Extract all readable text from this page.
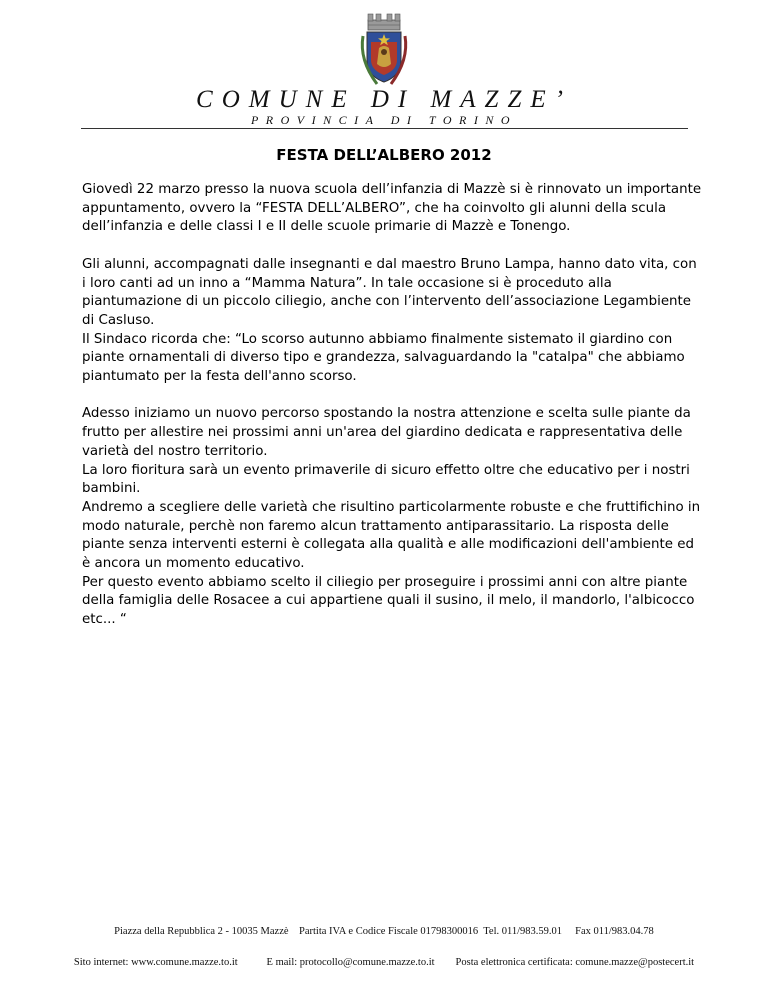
COMUNE DI MAZZE’
PROVINCIA DI TORINO
FESTA DELL’ALBERO 2012

Giovedì 22 marzo presso la nuova scuola dell’infanzia di Mazzè si è rinnovato un importante appuntamento, ovvero la “FESTA DELL’ALBERO”, che ha coinvolto gli alunni della scula dell’infanzia e delle classi I e II delle scuole primarie di Mazzè e Tonengo.

Gli alunni, accompagnati dalle insegnanti e dal maestro Bruno Lampa, hanno dato vita, con i loro canti ad un inno a “Mamma Natura”. In tale occasione si è proceduto alla piantumazione di un piccolo ciliegio, anche con l’intervento dell’associazione Legambiente di Casluso.
Il Sindaco ricorda che: “Lo scorso autunno abbiamo finalmente sistemato il giardino con piante ornamentali di diverso tipo e grandezza, salvaguardando la "catalpa" che abbiamo piantumato per la festa dell'anno scorso.

Adesso iniziamo un nuovo percorso spostando la nostra attenzione e scelta sulle piante da frutto per allestire nei prossimi anni un'area del giardino dedicata e rappresentativa delle varietà del nostro territorio.
La loro fioritura sarà un evento primaverile di sicuro effetto oltre che educativo per i nostri bambini.
Andremo a scegliere delle varietà che risultino particolarmente robuste e che fruttifichino in modo naturale, perchè non faremo alcun trattamento antiparassitario. La risposta delle piante senza interventi esterni è collegata alla qualità e alle modificazioni dell'ambiente ed è ancora un momento educativo.
Per questo evento abbiamo scelto il ciliegio per proseguire i prossimi anni con altre piante della famiglia delle Rosacee a cui appartiene quali il susino, il melo, il mandorlo, l'albicocco etc... “

Piazza della Repubblica 2 - 10035 Mazzè    Partita IVA e Codice Fiscale 01798300016  Tel. 011/983.59.01     Fax 011/983.04.78
Sito internet: www.comune.mazze.to.it           E mail: protocollo@comune.mazze.to.it        Posta elettronica certificata: comune.mazze@postecert.it
